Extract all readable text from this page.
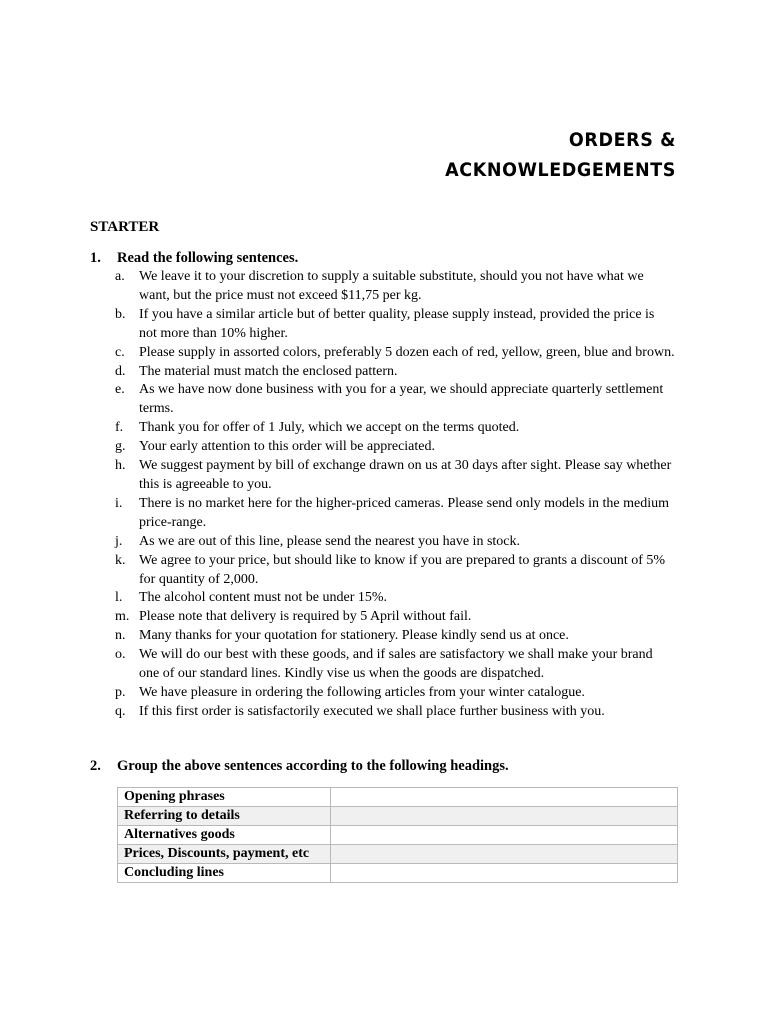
ORDERS &
ACKNOWLEDGEMENTS
STARTER
1. Read the following sentences.
a. We leave it to your discretion to supply a suitable substitute, should you not have what we want, but the price must not exceed $11,75 per kg.
b. If you have a similar article but of better quality, please supply instead, provided the price is not more than 10% higher.
c. Please supply in assorted colors, preferably 5 dozen each of red, yellow, green, blue and brown.
d. The material must match the enclosed pattern.
e. As we have now done business with you for a year, we should appreciate quarterly settlement terms.
f. Thank you for offer of 1 July, which we accept on the terms quoted.
g. Your early attention to this order will be appreciated.
h. We suggest payment by bill of exchange drawn on us at 30 days after sight. Please say whether this is agreeable to you.
i. There is no market here for the higher-priced cameras. Please send only models in the medium price-range.
j. As we are out of this line, please send the nearest you have in stock.
k. We agree to your price, but should like to know if you are prepared to grants a discount of 5% for quantity of 2,000.
l. The alcohol content must not be under 15%.
m. Please note that delivery is required by 5 April without fail.
n. Many thanks for your quotation for stationery. Please kindly send us at once.
o. We will do our best with these goods, and if sales are satisfactory we shall make your brand one of our standard lines. Kindly vise us when the goods are dispatched.
p. We have pleasure in ordering the following articles from your winter catalogue.
q. If this first order is satisfactorily executed we shall place further business with you.
2. Group the above sentences according to the following headings.
Opening phrases	
Referring to details	
Alternatives goods	
Prices, Discounts, payment, etc	
Concluding lines	
